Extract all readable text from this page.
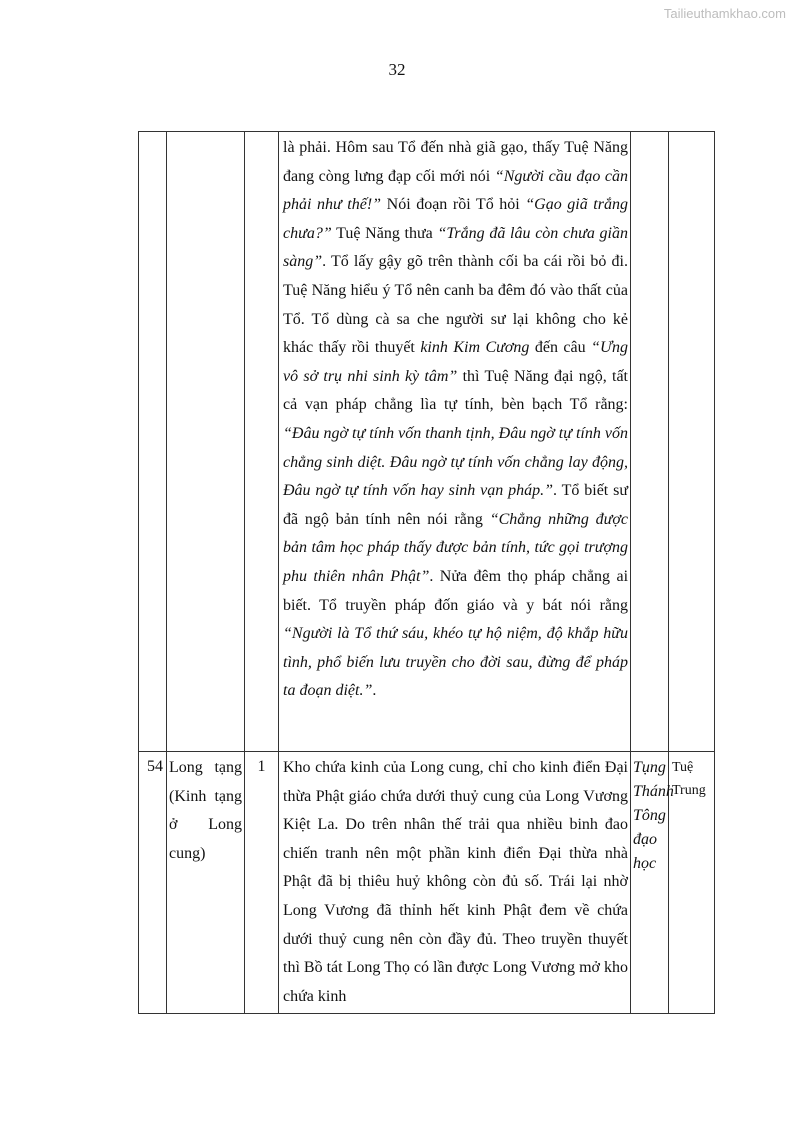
Tailieuthamkhao.com
32

			là phải. Hôm sau Tổ đến nhà giã gạo, thấy Tuệ Năng đang còng lưng đạp cối mới nói “Người cầu đạo cần phải như thế!” Nói đoạn rồi Tổ hỏi “Gạo giã trắng chưa?” Tuệ Năng thưa “Trắng đã lâu còn chưa giần sàng”. Tổ lấy gậy gõ trên thành cối ba cái rồi bỏ đi. Tuệ Năng hiểu ý Tổ nên canh ba đêm đó vào thất của Tổ. Tổ dùng cà sa che người sư lại không cho kẻ khác thấy rồi thuyết kinh Kim Cương đến câu “Ưng vô sở trụ nhi sinh kỳ tâm” thì Tuệ Năng đại ngộ, tất cả vạn pháp chẳng lìa tự tính, bèn bạch Tổ rằng: “Đâu ngờ tự tính vốn thanh tịnh, Đâu ngờ tự tính vốn chẳng sinh diệt. Đâu ngờ tự tính vốn chẳng lay động, Đâu ngờ tự tính vốn hay sinh vạn pháp.”. Tổ biết sư đã ngộ bản tính nên nói rằng “Chẳng những được bản tâm học pháp thấy được bản tính, tức gọi trượng phu thiên nhân Phật”. Nửa đêm thọ pháp chẳng ai biết. Tổ truyền pháp đốn giáo và y bát nói rằng “Người là Tổ thứ sáu, khéo tự hộ niệm, độ khắp hữu tình, phổ biến lưu truyền cho đời sau, đừng để pháp ta đoạn diệt.”.		

54	Long tạng (Kinh tạng ở Long cung)	1	Kho chứa kinh của Long cung, chỉ cho kinh điển Đại thừa Phật giáo chứa dưới thuỷ cung của Long Vương Kiệt La. Do trên nhân thế trải qua nhiều binh đao chiến tranh nên một phần kinh điển Đại thừa nhà Phật đã bị thiêu huỷ không còn đủ số. Trái lại nhờ Long Vương đã thỉnh hết kinh Phật đem về chứa dưới thuỷ cung nên còn đầy đủ. Theo truyền thuyết thì Bồ tát Long Thọ có lần được Long Vương mở kho chứa kinh	Tụng Thánh Tông đạo học	Tuệ Trung
